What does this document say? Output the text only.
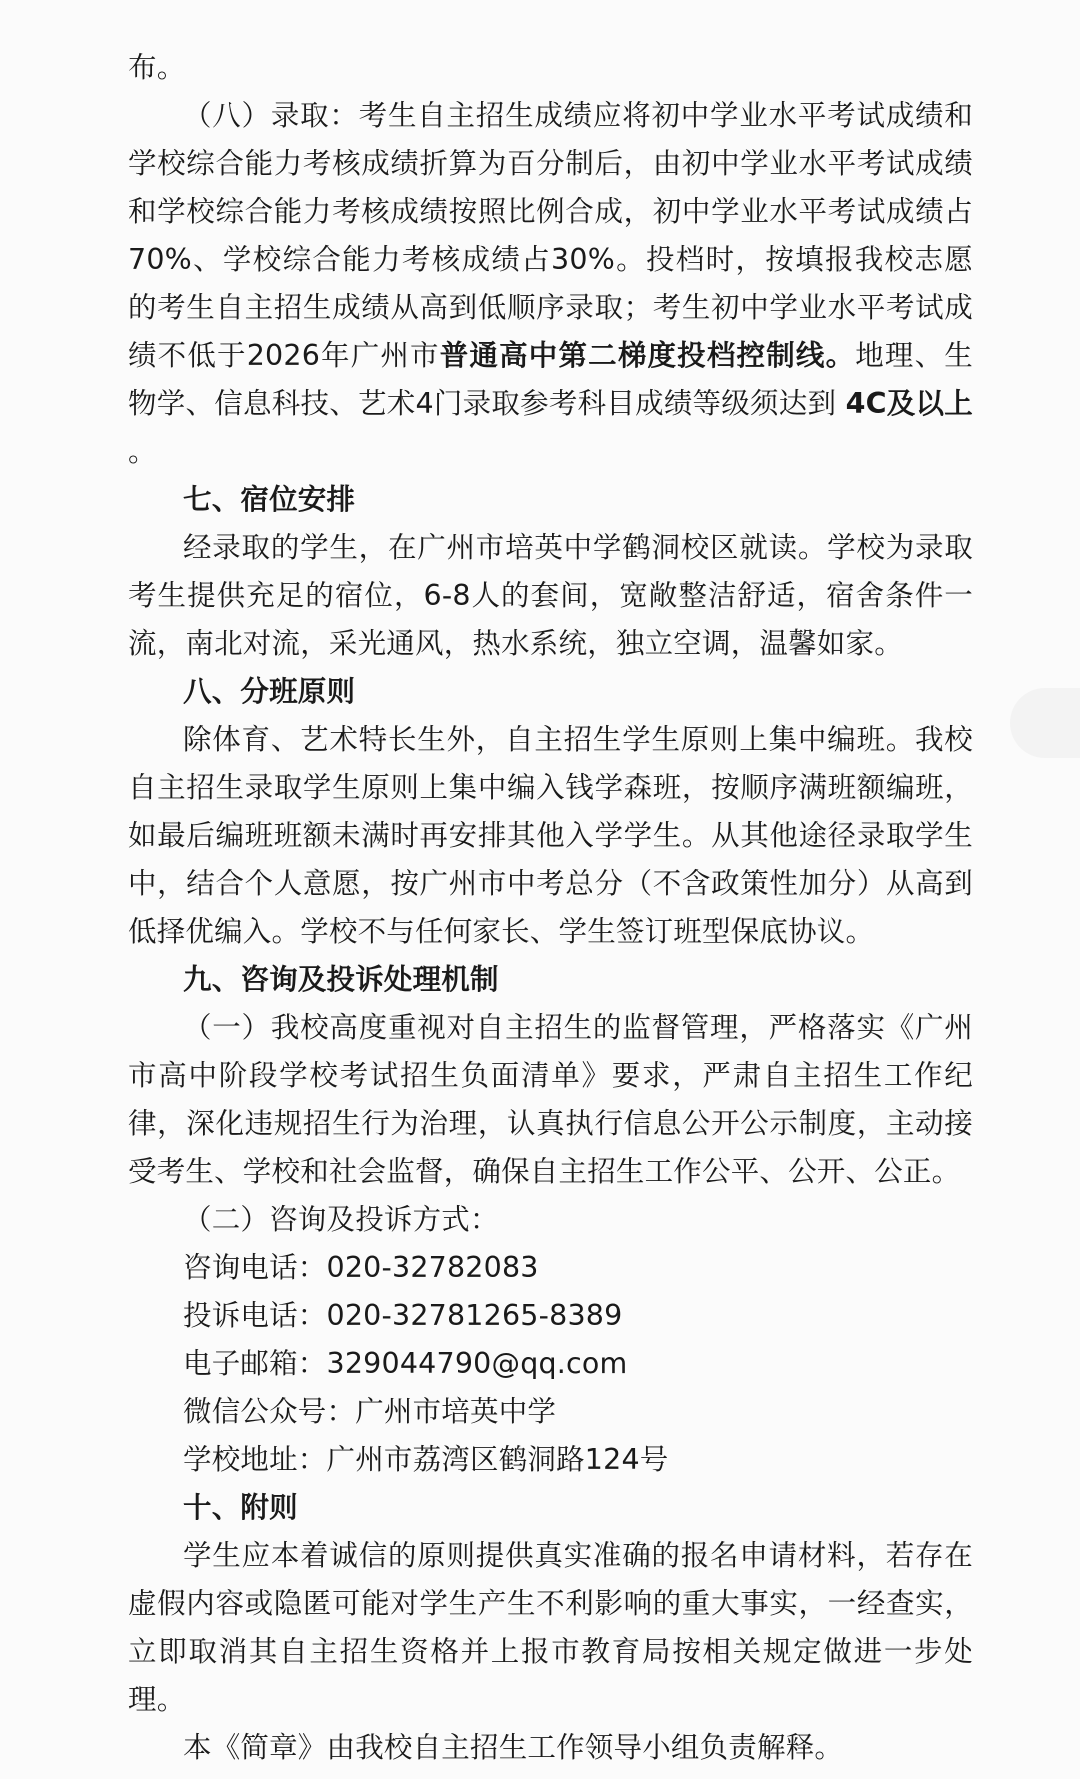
布。

（八）录取：考生自主招生成绩应将初中学业水平考试成绩和学校综合能力考核成绩折算为百分制后，由初中学业水平考试成绩和学校综合能力考核成绩按照比例合成，初中学业水平考试成绩占70%、学校综合能力考核成绩占30%。投档时，按填报我校志愿的考生自主招生成绩从高到低顺序录取；考生初中学业水平考试成绩不低于2026年广州市普通高中第二梯度投档控制线。地理、生物学、信息科技、艺术4门录取参考科目成绩等级须达到 4C及以上 。

七、宿位安排

经录取的学生，在广州市培英中学鹤洞校区就读。学校为录取考生提供充足的宿位，6-8人的套间，宽敞整洁舒适，宿舍条件一流，南北对流，采光通风，热水系统，独立空调，温馨如家。

八、分班原则

除体育、艺术特长生外，自主招生学生原则上集中编班。我校自主招生录取学生原则上集中编入钱学森班，按顺序满班额编班，如最后编班班额未满时再安排其他入学学生。从其他途径录取学生中，结合个人意愿，按广州市中考总分（不含政策性加分）从高到低择优编入。学校不与任何家长、学生签订班型保底协议。

九、咨询及投诉处理机制

（一）我校高度重视对自主招生的监督管理，严格落实《广州市高中阶段学校考试招生负面清单》要求，严肃自主招生工作纪律，深化违规招生行为治理，认真执行信息公开公示制度，主动接受考生、学校和社会监督，确保自主招生工作公平、公开、公正。

（二）咨询及投诉方式：

咨询电话：020-32782083

投诉电话：020-32781265-8389

电子邮箱：329044790@qq.com

微信公众号：广州市培英中学

学校地址：广州市荔湾区鹤洞路124号

十、附则

学生应本着诚信的原则提供真实准确的报名申请材料，若存在虚假内容或隐匿可能对学生产生不利影响的重大事实，一经查实，立即取消其自主招生资格并上报市教育局按相关规定做进一步处理。

本《简章》由我校自主招生工作领导小组负责解释。
